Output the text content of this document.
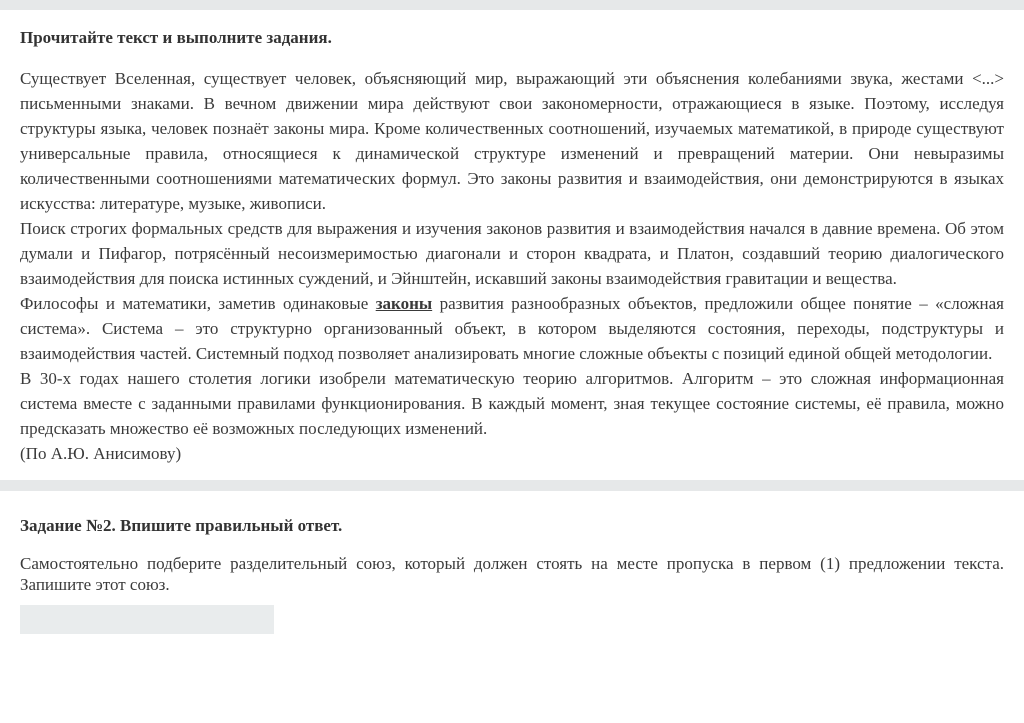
Прочитайте текст и выполните задания.

Существует Вселенная, существует человек, объясняющий мир, выражающий эти объяснения колебаниями звука, жестами <...> письменными знаками. В вечном движении мира действуют свои закономерности, отражающиеся в языке. Поэтому, исследуя структуры языка, человек познаёт законы мира. Кроме количественных соотношений, изучаемых математикой, в природе существуют универсальные правила, относящиеся к динамической структуре изменений и превращений материи. Они невыразимы количественными соотношениями математических формул. Это законы развития и взаимодействия, они демонстрируются в языках искусства: литературе, музыке, живописи.

Поиск строгих формальных средств для выражения и изучения законов развития и взаимодействия начался в давние времена. Об этом думали и Пифагор, потрясённый несоизмеримостью диагонали и сторон квадрата, и Платон, создавший теорию диалогического взаимодействия для поиска истинных суждений, и Эйнштейн, искавший законы взаимодействия гравитации и вещества.

Философы и математики, заметив одинаковые законы развития разнообразных объектов, предложили общее понятие – «сложная система». Система – это структурно организованный объект, в котором выделяются состояния, переходы, подструктуры и взаимодействия частей. Системный подход позволяет анализировать многие сложные объекты с позиций единой общей методологии.

В 30-х годах нашего столетия логики изобрели математическую теорию алгоритмов. Алгоритм – это сложная информационная система вместе с заданными правилами функционирования. В каждый момент, зная текущее состояние системы, её правила, можно предсказать множество её возможных последующих изменений.

(По А.Ю. Анисимову)

Задание №2. Впишите правильный ответ.

Самостоятельно подберите разделительный союз, который должен стоять на месте пропуска в первом (1) предложении текста. Запишите этот союз.
